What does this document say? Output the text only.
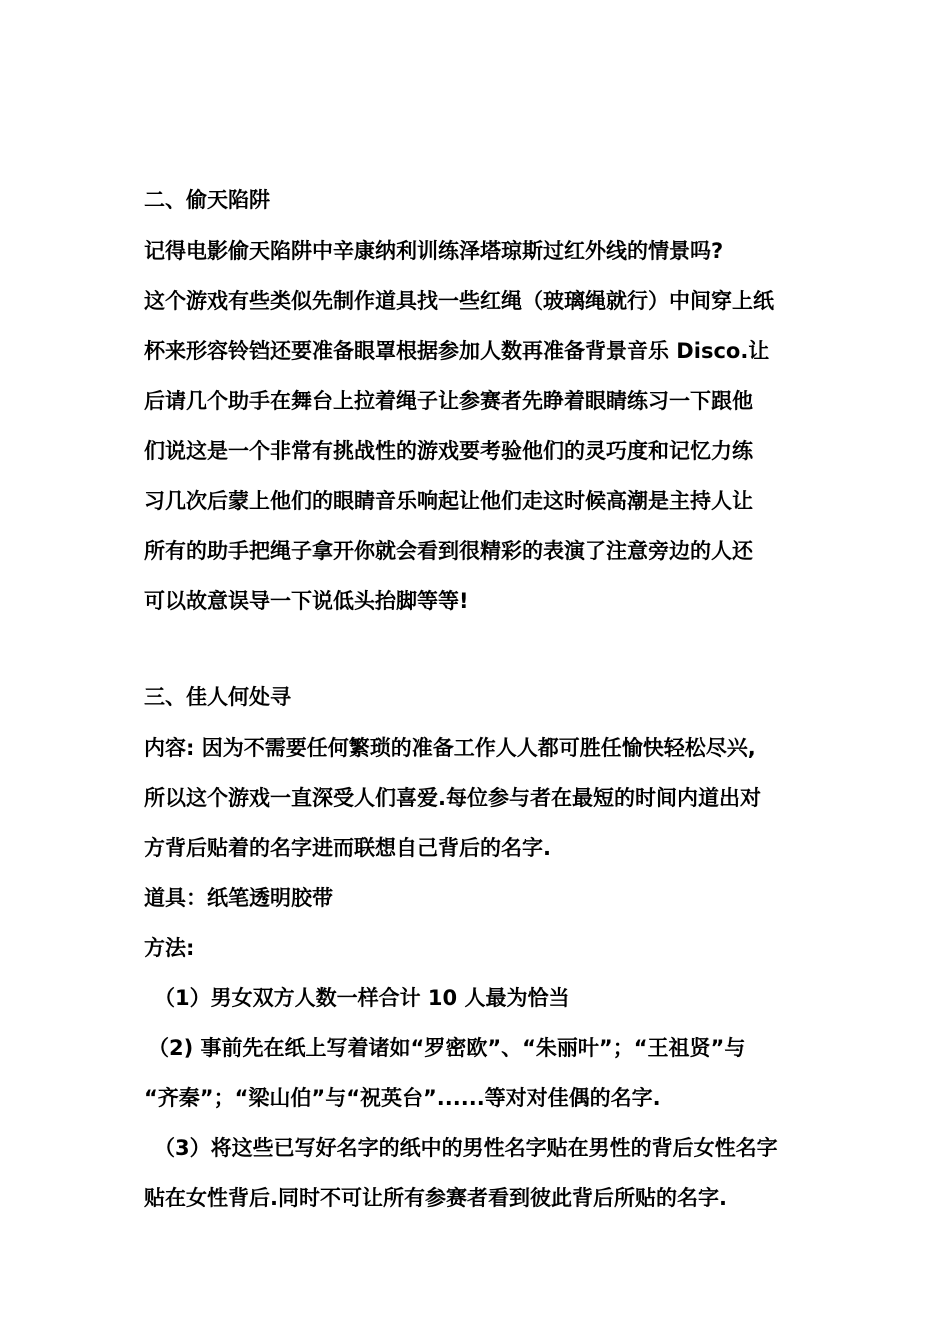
二、偷天陷阱
记得电影偷天陷阱中辛康纳利训练泽塔琼斯过红外线的情景吗?
这个游戏有些类似先制作道具找一些红绳（玻璃绳就行）中间穿上纸
杯来形容铃铛还要准备眼罩根据参加人数再准备背景音乐 Disco.让
后请几个助手在舞台上拉着绳子让参赛者先睁着眼睛练习一下跟他
们说这是一个非常有挑战性的游戏要考验他们的灵巧度和记忆力练
习几次后蒙上他们的眼睛音乐响起让他们走这时候高潮是主持人让
所有的助手把绳子拿开你就会看到很精彩的表演了注意旁边的人还
可以故意误导一下说低头抬脚等等!
三、佳人何处寻
内容: 因为不需要任何繁琐的准备工作人人都可胜任愉快轻松尽兴,
所以这个游戏一直深受人们喜爱.每位参与者在最短的时间内道出对
方背后贴着的名字进而联想自己背后的名字.
道具：纸笔透明胶带
方法:
（1）男女双方人数一样合计 10 人最为恰当
（2) 事前先在纸上写着诸如“罗密欧”、“朱丽叶”；“王祖贤”与
“齐秦”；“梁山伯”与“祝英台”......等对对佳偶的名字.
（3）将这些已写好名字的纸中的男性名字贴在男性的背后女性名字
贴在女性背后.同时不可让所有参赛者看到彼此背后所贴的名字.
